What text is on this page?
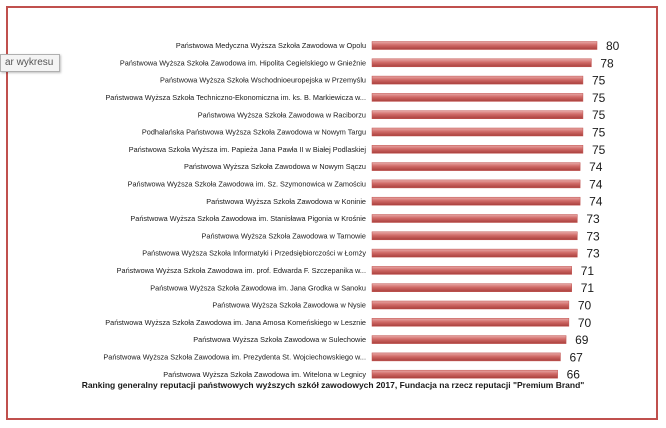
ar wykresu
Państwowa Medyczna Wyższa Szkoła Zawodowa w Opolu	80
Państwowa Wyższa Szkoła Zawodowa im. Hipolita Cegielskiego w Gnieźnie	78
Państwowa Wyższa Szkoła Wschodnioeuropejska w Przemyślu	75
Państwowa Wyższa Szkoła Techniczno-Ekonomiczna im. ks. B. Markiewicza w...	75
Państwowa Wyższa Szkoła Zawodowa w Raciborzu	75
Podhalańska Państwowa Wyższa Szkoła Zawodowa w Nowym Targu	75
Państwowa Szkoła Wyższa im. Papieża Jana Pawła II w Białej Podlaskiej	75
Państwowa Wyższa Szkoła Zawodowa w Nowym Sączu	74
Państwowa Wyższa Szkoła Zawodowa im. Sz. Szymonowica w Zamościu	74
Państwowa Wyższa Szkoła Zawodowa w Koninie	74
Państwowa Wyższa Szkoła Zawodowa im. Stanisława Pigonia w Krośnie	73
Państwowa Wyższa Szkoła Zawodowa w Tarnowie	73
Państwowa Wyższa Szkoła Informatyki i Przedsiębiorczości w Łomży	73
Państwowa Wyższa Szkoła Zawodowa im. prof. Edwarda F. Szczepanika w...	71
Państwowa Wyższa Szkoła Zawodowa im. Jana Grodka w Sanoku	71
Państwowa Wyższa Szkoła Zawodowa w Nysie	70
Państwowa Wyższa Szkoła Zawodowa im. Jana Amosa Komeńskiego w Lesznie	70
Państwowa Wyższa Szkoła Zawodowa w Sulechowie	69
Państwowa Wyższa Szkoła Zawodowa im. Prezydenta St. Wojciechowskiego w...	67
Państwowa Wyższa Szkoła Zawodowa im. Witelona w Legnicy	66
Ranking generalny reputacji państwowych wyższych szkół zawodowych 2017, Fundacja na rzecz reputacji "Premium Brand"
